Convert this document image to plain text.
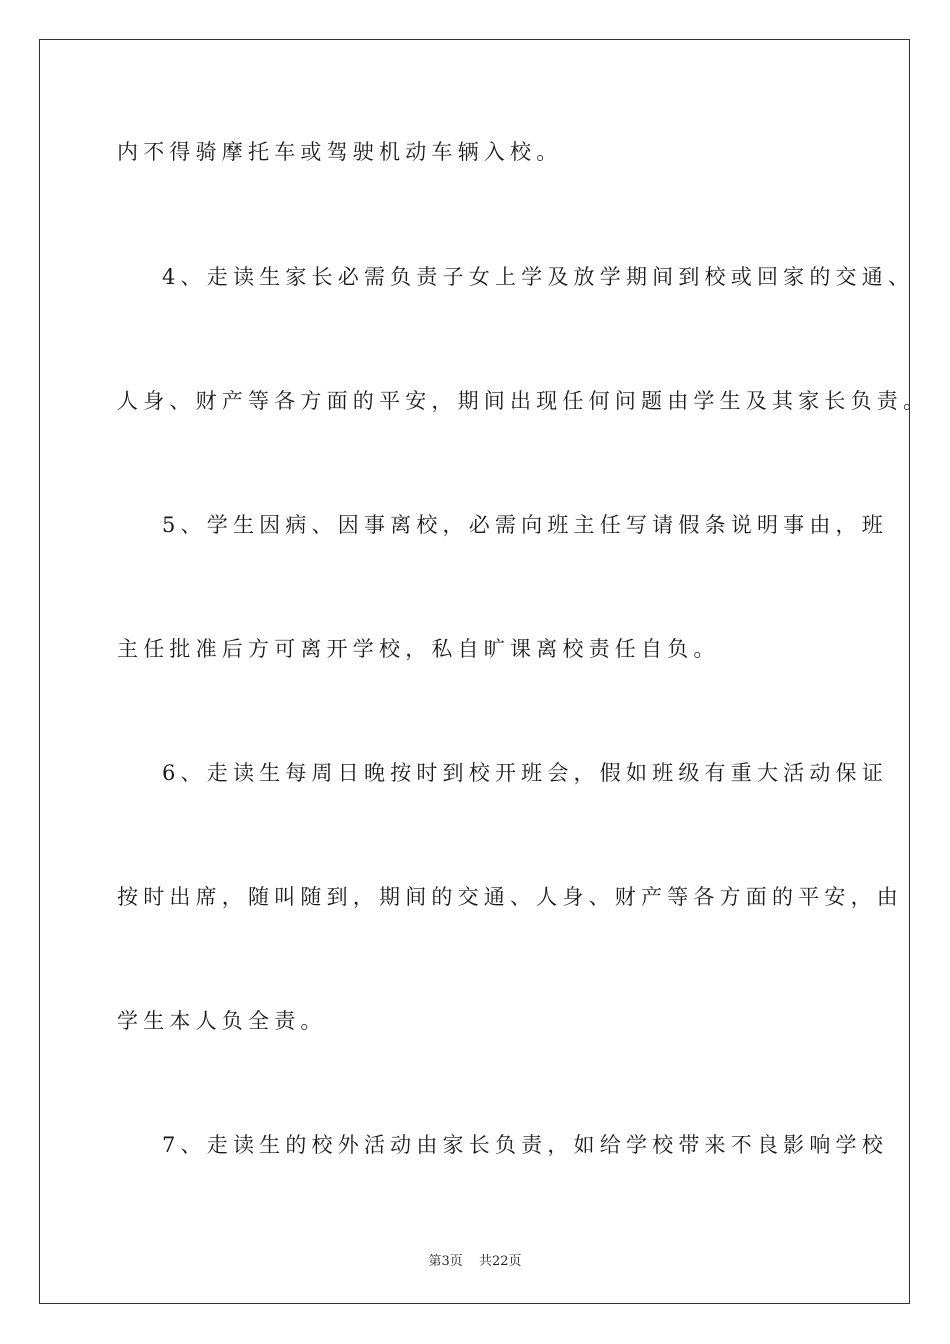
内不得骑摩托车或驾驶机动车辆入校。
4、走读生家长必需负责子女上学及放学期间到校或回家的交通、
人身、财产等各方面的平安，期间出现任何问题由学生及其家长负责。
5、学生因病、因事离校，必需向班主任写请假条说明事由，班
主任批准后方可离开学校，私自旷课离校责任自负。
6、走读生每周日晚按时到校开班会，假如班级有重大活动保证
按时出席，随叫随到，期间的交通、人身、财产等各方面的平安，由
学生本人负全责。
7、走读生的校外活动由家长负责，如给学校带来不良影响学校
第3页 共22页
